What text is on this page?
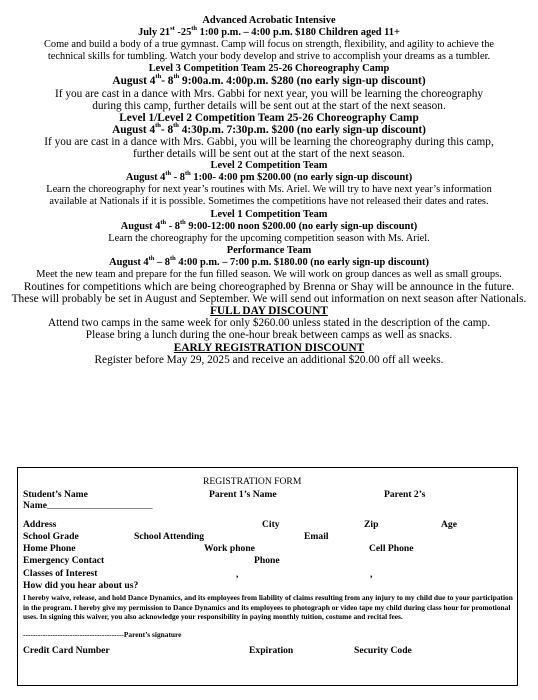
Advanced Acrobatic Intensive
July 21st -25th 1:00 p.m. – 4:00 p.m. $180 Children aged 11+
Come and build a body of a true gymnast. Camp will focus on strength, flexibility, and agility to achieve the
technical skills for tumbling. Watch your body develop and strive to accomplish your dreams as a tumbler.
Level 3 Competition Team 25-26 Choreography Camp
August 4th- 8th 9:00a.m. 4:00p.m. $280 (no early sign-up discount)
If you are cast in a dance with Mrs. Gabbi for next year, you will be learning the choreography
during this camp, further details will be sent out at the start of the next season.
Level 1/Level 2 Competition Team 25-26 Choreography Camp
August 4th- 8th 4:30p.m. 7:30p.m. $200 (no early sign-up discount)
If you are cast in a dance with Mrs. Gabbi, you will be learning the choreography during this camp,
further details will be sent out at the start of the next season.
Level 2 Competition Team
August 4th - 8th 1:00- 4:00 pm $200.00 (no early sign-up discount)
Learn the choreography for next year’s routines with Ms. Ariel. We will try to have next year’s information
available at Nationals if it is possible. Sometimes the competitions have not released their dates and rates.
Level 1 Competition Team
August 4th - 8th 9:00-12:00 noon $200.00 (no early sign-up discount)
Learn the choreography for the upcoming competition season with Ms. Ariel.
Performance Team
August 4th – 8th 4:00 p.m. – 7:00 p.m. $180.00 (no early sign-up discount)
Meet the new team and prepare for the fun filled season. We will work on group dances as well as small groups.
Routines for competitions which are being choreographed by Brenna or Shay will be announce in the future. These will probably be set in August and September. We will send out information on next season after Nationals.
FULL DAY DISCOUNT
Attend two camps in the same week for only $260.00 unless stated in the description of the camp.
Please bring a lunch during the one-hour break between camps as well as snacks.
EARLY REGISTRATION DISCOUNT
Register before May 29, 2025 and receive an additional $20.00 off all weeks.
REGISTRATION FORM
Student’s Name	Parent 1’s Name	Parent 2’s
Name______________________
Address	City	Zip	Age
School Grade	School Attending	Email
Home Phone	Work phone	Cell Phone
Emergency Contact	Phone
Classes of Interest	,	,
How did you hear about us?
I hereby waive, release, and hold Dance Dynamics, and its employees from liability of claims resulting from any injury to my child due to your participation in the program. I hereby give my permission to Dance Dynamics and its employees to photograph or video tape my child during class hour for promotional uses. In signing this waiver, you also acknowledge your responsibility in paying monthly tuition, costume and recital fees.
-----------------------------------------Parent’s signature
Credit Card Number	Expiration	Security Code
